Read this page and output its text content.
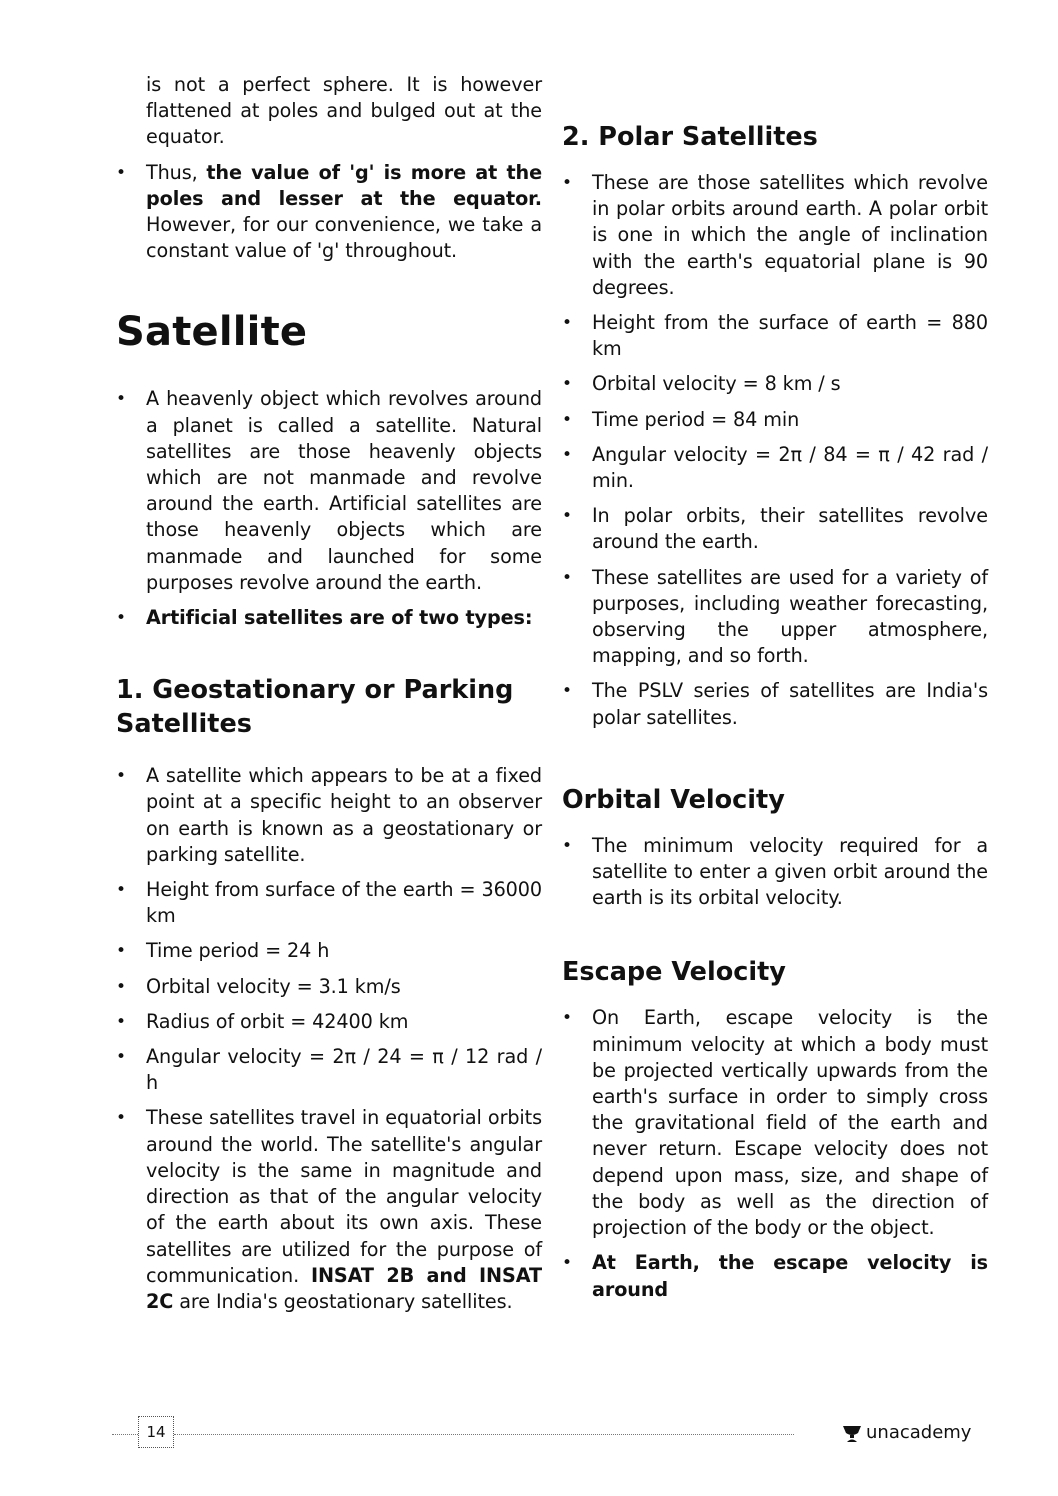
is not a perfect sphere. It is however flattened at poles and bulged out at the equator.
• Thus, the value of 'g' is more at the poles and lesser at the equator. However, for our convenience, we take a constant value of 'g' throughout.
Satellite
• A heavenly object which revolves around a planet is called a satellite. Natural satellites are those heavenly objects which are not manmade and revolve around the earth. Artificial satellites are those heavenly objects which are manmade and launched for some purposes revolve around the earth.
• Artificial satellites are of two types:
1. Geostationary or Parking Satellites
• A satellite which appears to be at a fixed point at a specific height to an observer on earth is known as a geostationary or parking satellite.
• Height from surface of the earth = 36000 km
• Time period = 24 h
• Orbital velocity = 3.1 km/s
• Radius of orbit = 42400 km
• Angular velocity = 2π / 24 = π / 12 rad / h
• These satellites travel in equatorial orbits around the world. The satellite's angular velocity is the same in magnitude and direction as that of the angular velocity of the earth about its own axis. These satellites are utilized for the purpose of communication. INSAT 2B and INSAT 2C are India's geostationary satellites.
2. Polar Satellites
• These are those satellites which revolve in polar orbits around earth. A polar orbit is one in which the angle of inclination with the earth's equatorial plane is 90 degrees.
• Height from the surface of earth = 880 km
• Orbital velocity = 8 km / s
• Time period = 84 min
• Angular velocity = 2π / 84 = π / 42 rad / min.
• In polar orbits, their satellites revolve around the earth.
• These satellites are used for a variety of purposes, including weather forecasting, observing the upper atmosphere, mapping, and so forth.
• The PSLV series of satellites are India's polar satellites.
Orbital Velocity
• The minimum velocity required for a satellite to enter a given orbit around the earth is its orbital velocity.
Escape Velocity
• On Earth, escape velocity is the minimum velocity at which a body must be projected vertically upwards from the earth's surface in order to simply cross the gravitational field of the earth and never return. Escape velocity does not depend upon mass, size, and shape of the body as well as the direction of projection of the body or the object.
• At Earth, the escape velocity is around
14	unacademy
